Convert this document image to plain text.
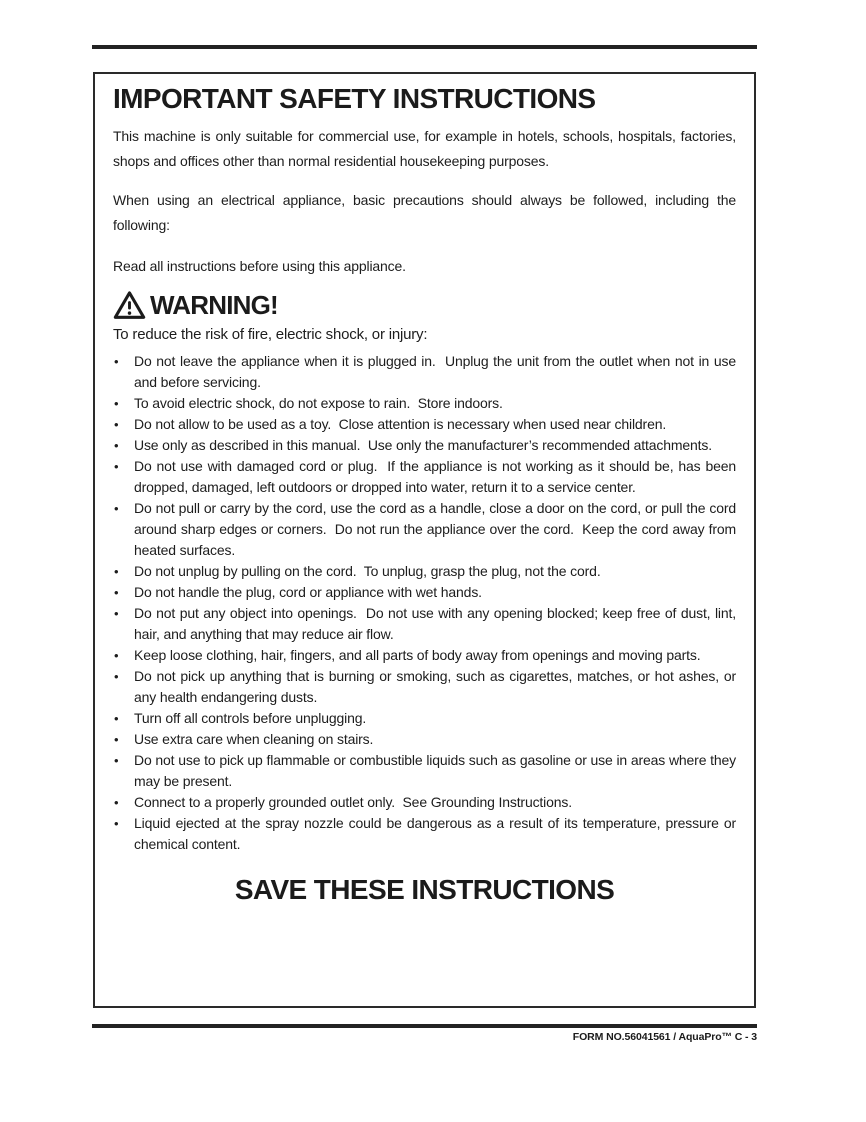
IMPORTANT SAFETY INSTRUCTIONS

This machine is only suitable for commercial use, for example in hotels, schools, hospitals, factories, shops and offices other than normal residential housekeeping purposes.

When using an electrical appliance, basic precautions should always be followed, including the following:

Read all instructions before using this appliance.

WARNING!

To reduce the risk of fire, electric shock, or injury:

• Do not leave the appliance when it is plugged in.  Unplug the unit from the outlet when not in use and before servicing.
• To avoid electric shock, do not expose to rain.  Store indoors.
• Do not allow to be used as a toy.  Close attention is necessary when used near children.
• Use only as described in this manual.  Use only the manufacturer’s recommended attachments.
• Do not use with damaged cord or plug.  If the appliance is not working as it should be, has been dropped, damaged, left outdoors or dropped into water, return it to a service center.
• Do not pull or carry by the cord, use the cord as a handle, close a door on the cord, or pull the cord around sharp edges or corners.  Do not run the appliance over the cord.  Keep the cord away from heated surfaces.
• Do not unplug by pulling on the cord.  To unplug, grasp the plug, not the cord.
• Do not handle the plug, cord or appliance with wet hands.
• Do not put any object into openings.  Do not use with any opening blocked; keep free of dust, lint, hair, and anything that may reduce air flow.
• Keep loose clothing, hair, fingers, and all parts of body away from openings and moving parts.
• Do not pick up anything that is burning or smoking, such as cigarettes, matches, or hot ashes, or any health endangering dusts.
• Turn off all controls before unplugging.
• Use extra care when cleaning on stairs.
• Do not use to pick up flammable or combustible liquids such as gasoline or use in areas where they may be present.
• Connect to a properly grounded outlet only.  See Grounding Instructions.
• Liquid ejected at the spray nozzle could be dangerous as a result of its temperature, pressure or chemical content.
SAVE THESE INSTRUCTIONS
FORM NO.56041561 / AquaPro™ C - 3
